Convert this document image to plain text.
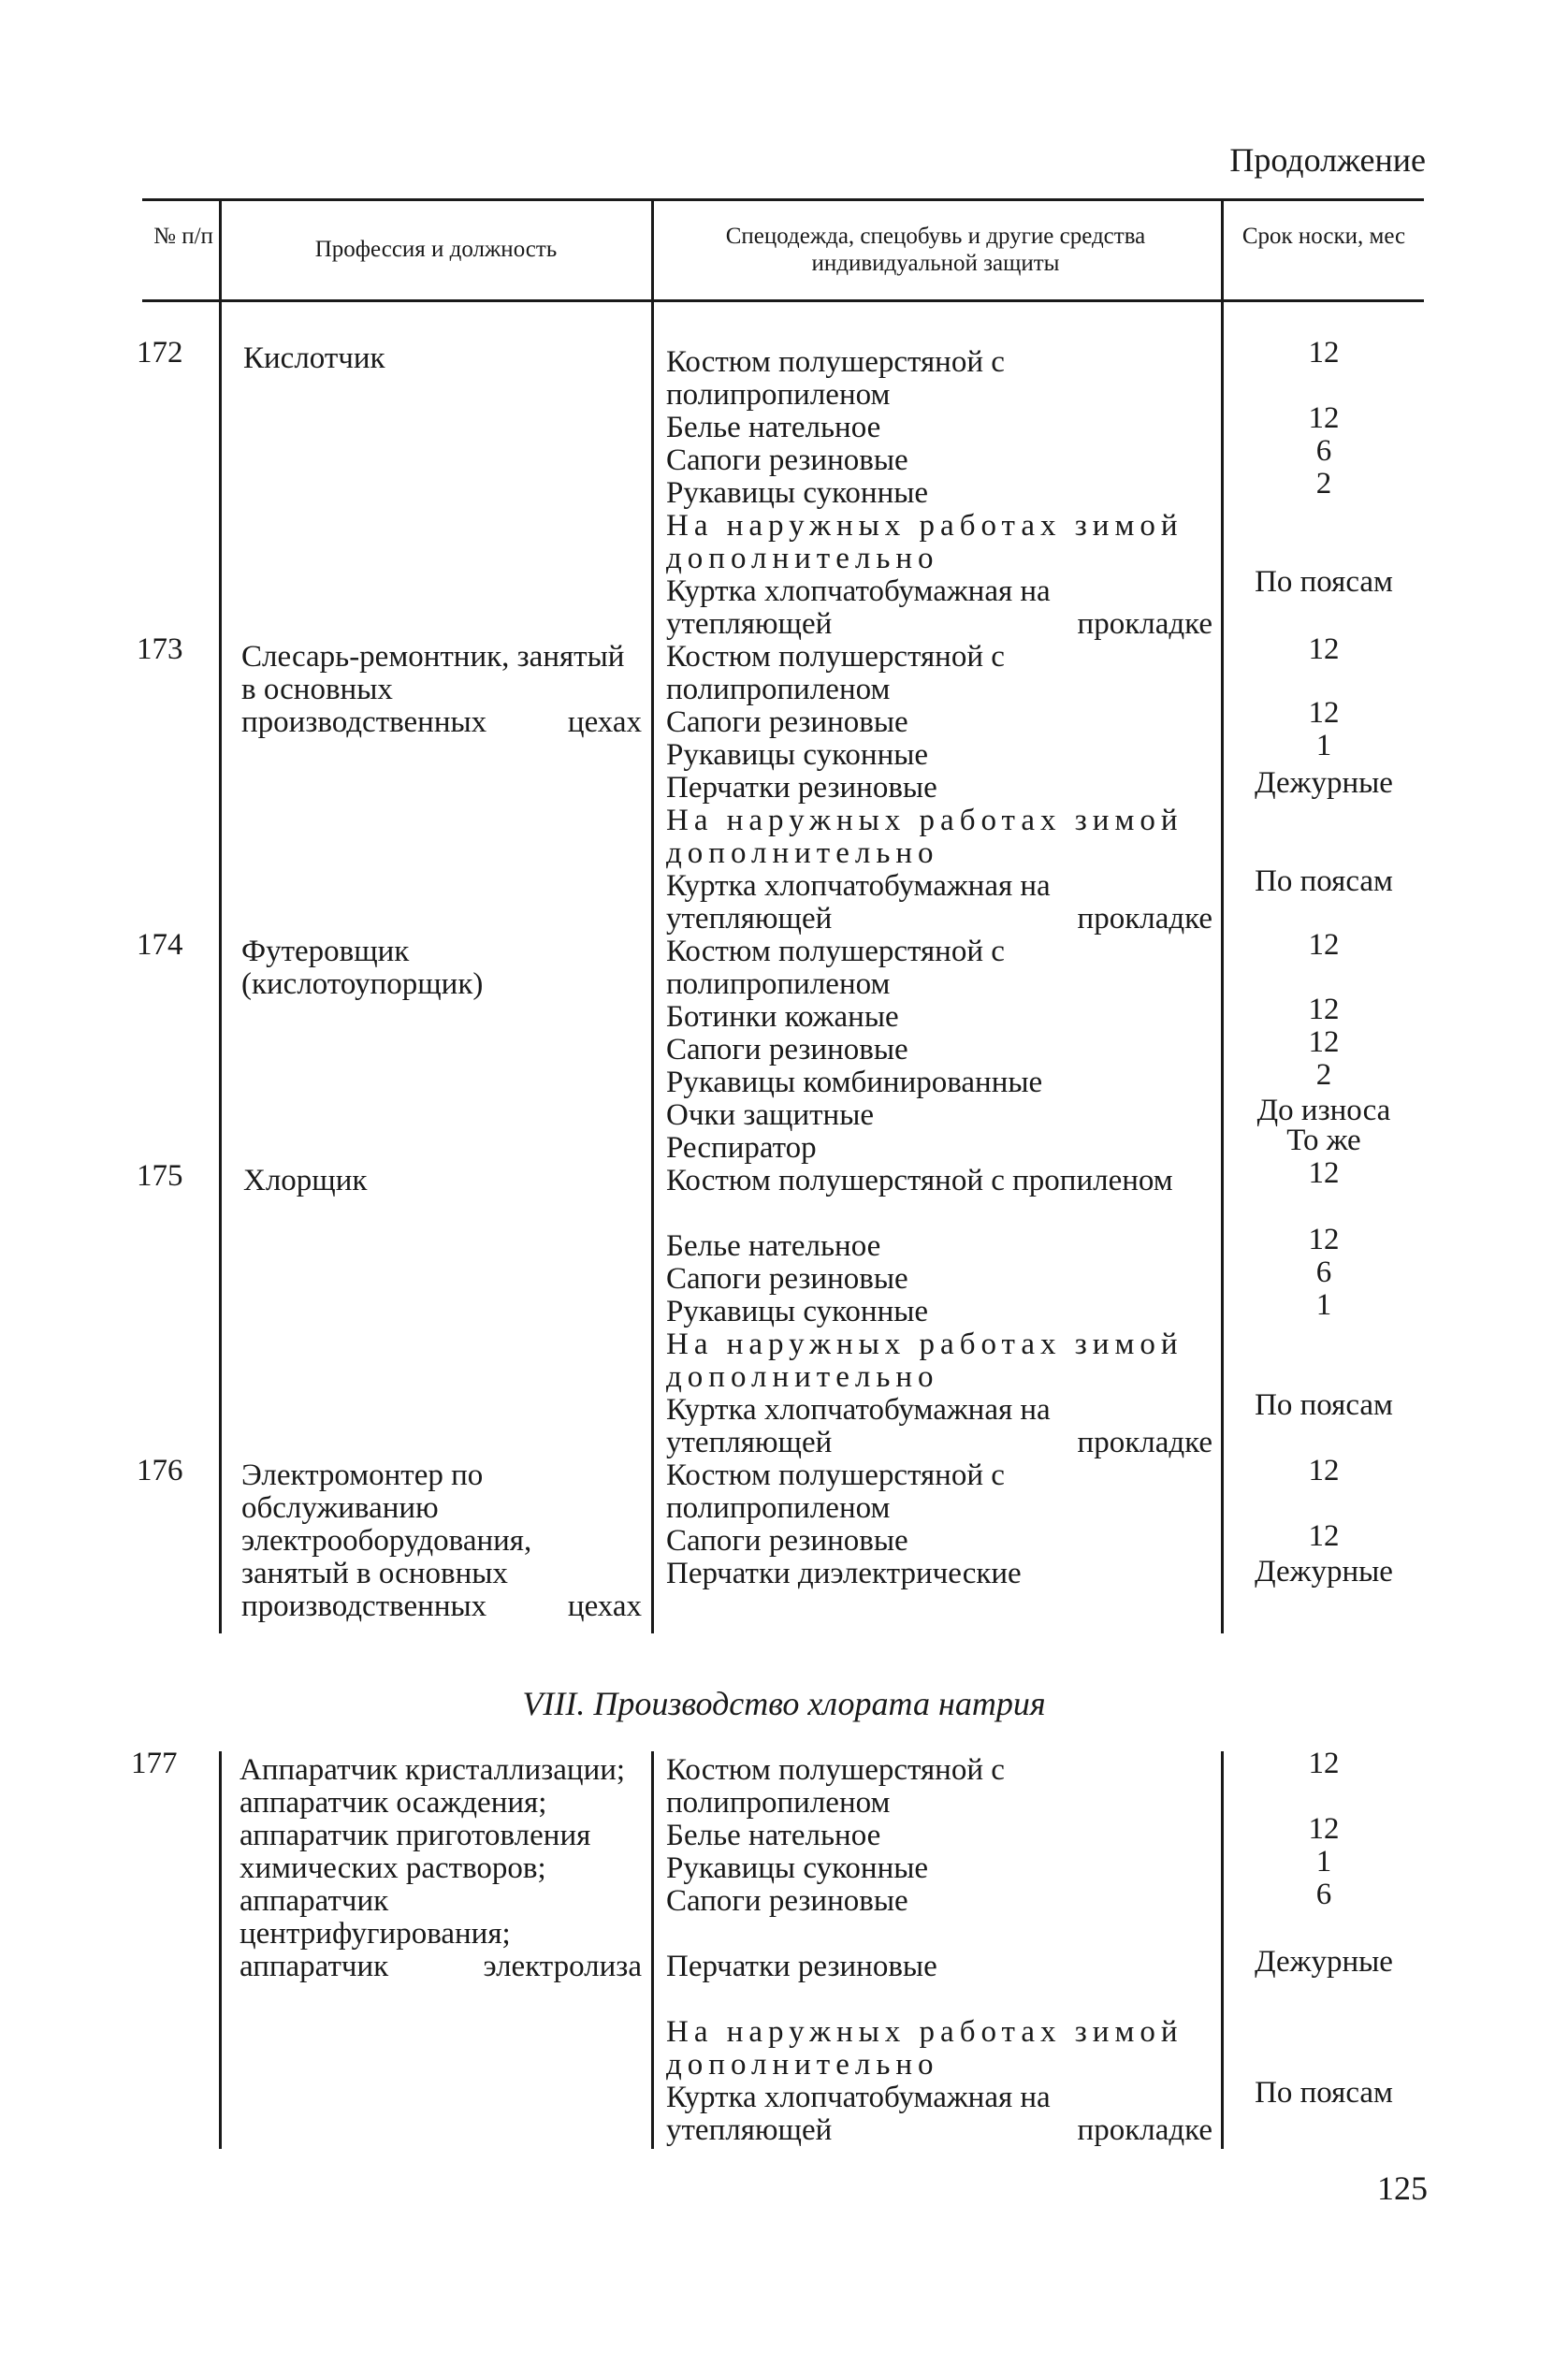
Продолжение
№ п/п
Профессия и должность
Спецодежда, спецобувь и другие средства индивидуальной защиты
Срок носки, мес
172 Кислотчик	Костюм полушерстяной с полипропиленом
Белье нательное
Сапоги резиновые
Рукавицы суконные
На наружных работах зимой дополнительно
Куртка хлопчатобумажная на утепляющей прокладке
12
12
6
2
По поясам
173 Слесарь-ремонтник, занятый в основных производственных цехах
Костюм полушерстяной с полипропиленом
Сапоги резиновые
Рукавицы суконные
Перчатки резиновые
На наружных работах зимой дополнительно
Куртка хлопчатобумажная на утепляющей прокладке
12
12
1
Дежурные
По поясам
174 Футеровщик (кислотоупорщик)
Костюм полушерстяной с полипропиленом
Ботинки кожаные
Сапоги резиновые
Рукавицы комбинированные
Очки защитные
Респиратор
12
12
12
2
До износа
То же
175 Хлорщик	Костюм полушерстяной с пропиленом
Белье нательное
Сапоги резиновые
Рукавицы суконные
На наружных работах зимой дополнительно
Куртка хлопчатобумажная на утепляющей прокладке
12
12
6
1
По поясам
176 Электромонтер по обслуживанию электрооборудования, занятый в основных производственных цехах
Костюм полушерстяной с полипропиленом
Сапоги резиновые
Перчатки диэлектрические
12
12
Дежурные
VIII. Производство хлората натрия
177 Аппаратчик кристаллизации; аппаратчик осаждения; аппаратчик приготовления химических растворов; аппаратчик центрифугирования; аппаратчик электролиза
Костюм полушерстяной с полипропиленом
Белье нательное
Рукавицы суконные
Сапоги резиновые
Перчатки резиновые
На наружных работах зимой дополнительно
Куртка хлопчатобумажная на утепляющей прокладке
12
12
1
6
Дежурные
По поясам
125
